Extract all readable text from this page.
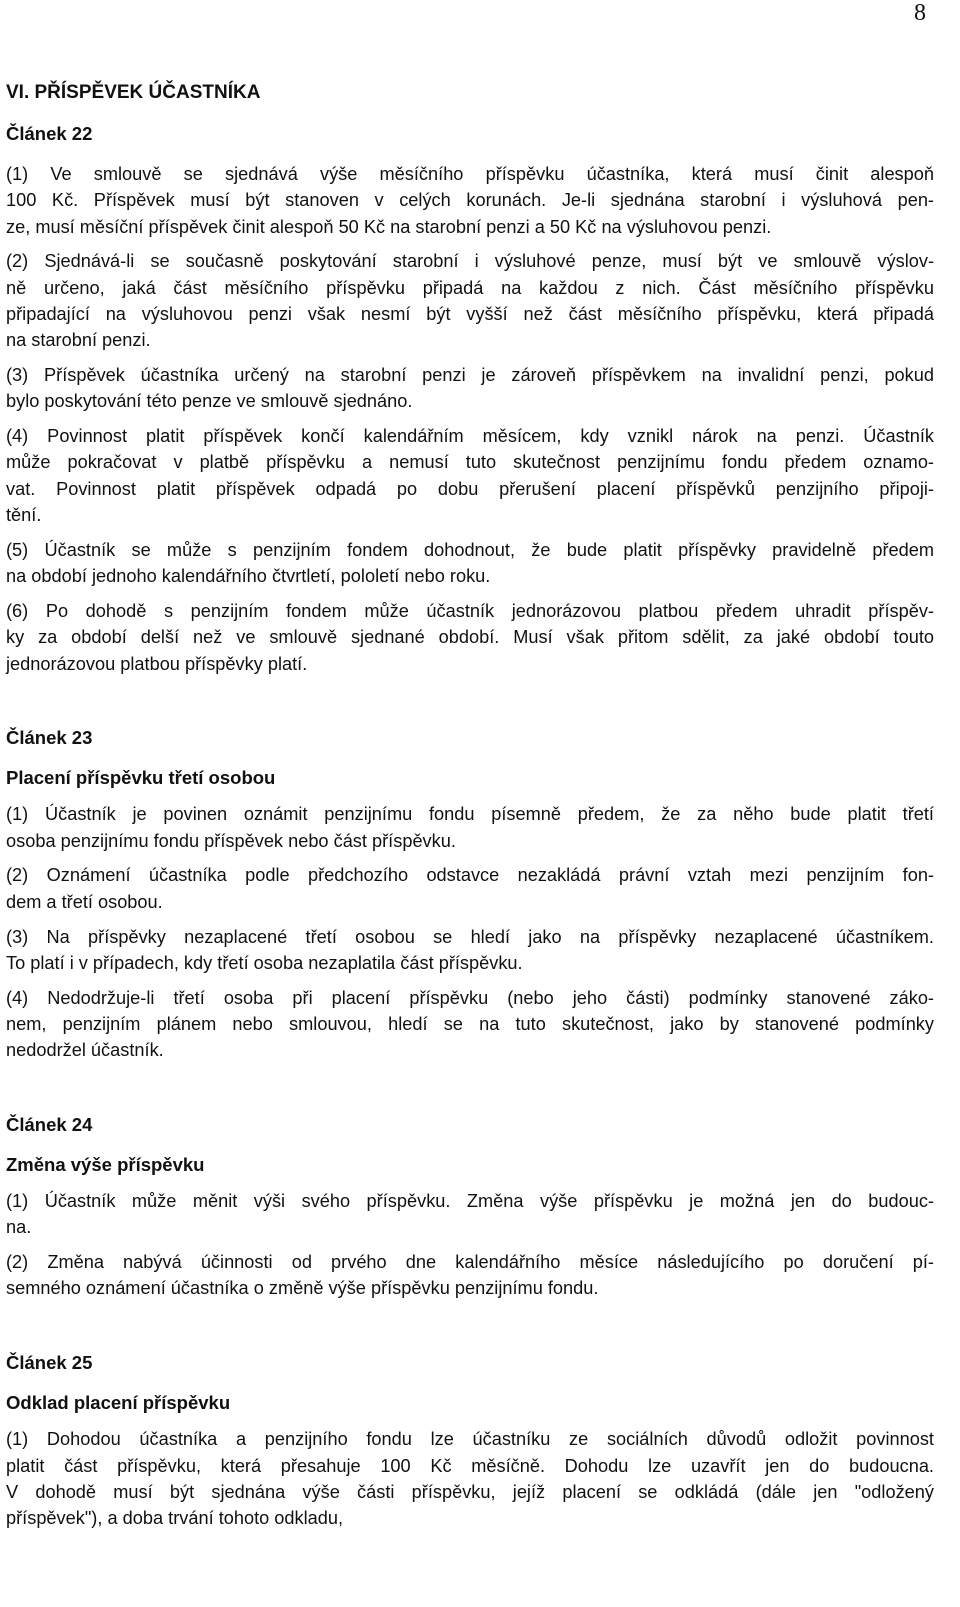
8
VI. PŘÍSPĚVEK ÚČASTNÍKA
Článek 22
(1) Ve smlouvě se sjednává výše měsíčního příspěvku účastníka, která musí činit alespoň
100 Kč. Příspěvek musí být stanoven v celých korunách. Je-li sjednána starobní i výsluhová pen-
ze, musí měsíční příspěvek činit alespoň 50 Kč na starobní penzi a 50 Kč na výsluhovou penzi.
(2) Sjednává-li se současně poskytování starobní i výsluhové penze, musí být ve smlouvě výslov-
ně určeno, jaká část měsíčního příspěvku připadá na každou z nich. Část měsíčního příspěvku
připadající na výsluhovou penzi však nesmí být vyšší než část měsíčního příspěvku, která připadá
na starobní penzi.
(3) Příspěvek účastníka určený na starobní penzi je zároveň příspěvkem na invalidní penzi, pokud
bylo poskytování této penze ve smlouvě sjednáno.
(4) Povinnost platit příspěvek končí kalendářním měsícem, kdy vznikl nárok na penzi. Účastník
může pokračovat v platbě příspěvku a nemusí tuto skutečnost penzijnímu fondu předem oznamo-
vat. Povinnost platit příspěvek odpadá po dobu přerušení placení příspěvků penzijního připoji-
tění.
(5) Účastník se může s penzijním fondem dohodnout, že bude platit příspěvky pravidelně předem
na období jednoho kalendářního čtvrtletí, pololetí nebo roku.
(6) Po dohodě s penzijním fondem může účastník jednorázovou platbou předem uhradit příspěv-
ky za období delší než ve smlouvě sjednané období. Musí však přitom sdělit, za jaké období touto
jednorázovou platbou příspěvky platí.
Článek 23
Placení příspěvku třetí osobou
(1) Účastník je povinen oznámit penzijnímu fondu písemně předem, že za něho bude platit třetí
osoba penzijnímu fondu příspěvek nebo část příspěvku.
(2) Oznámení účastníka podle předchozího odstavce nezakládá právní vztah mezi penzijním fon-
dem a třetí osobou.
(3) Na příspěvky nezaplacené třetí osobou se hledí jako na příspěvky nezaplacené účastníkem.
To platí i v případech, kdy třetí osoba nezaplatila část příspěvku.
(4) Nedodržuje-li třetí osoba při placení příspěvku (nebo jeho části) podmínky stanovené záko-
nem, penzijním plánem nebo smlouvou, hledí se na tuto skutečnost, jako by stanovené podmínky
nedodržel účastník.
Článek 24
Změna výše příspěvku
(1) Účastník může měnit výši svého příspěvku. Změna výše příspěvku je možná jen do budouc-
na.
(2) Změna nabývá účinnosti od prvého dne kalendářního měsíce následujícího po doručení pí-
semného oznámení účastníka o změně výše příspěvku penzijnímu fondu.
Článek 25
Odklad placení příspěvku
(1) Dohodou účastníka a penzijního fondu lze účastníku ze sociálních důvodů odložit povinnost
platit část příspěvku, která přesahuje 100 Kč měsíčně. Dohodu lze uzavřít jen do budoucna.
V dohodě musí být sjednána výše části příspěvku, jejíž placení se odkládá (dále jen "odložený
příspěvek"), a doba trvání tohoto odkladu,
